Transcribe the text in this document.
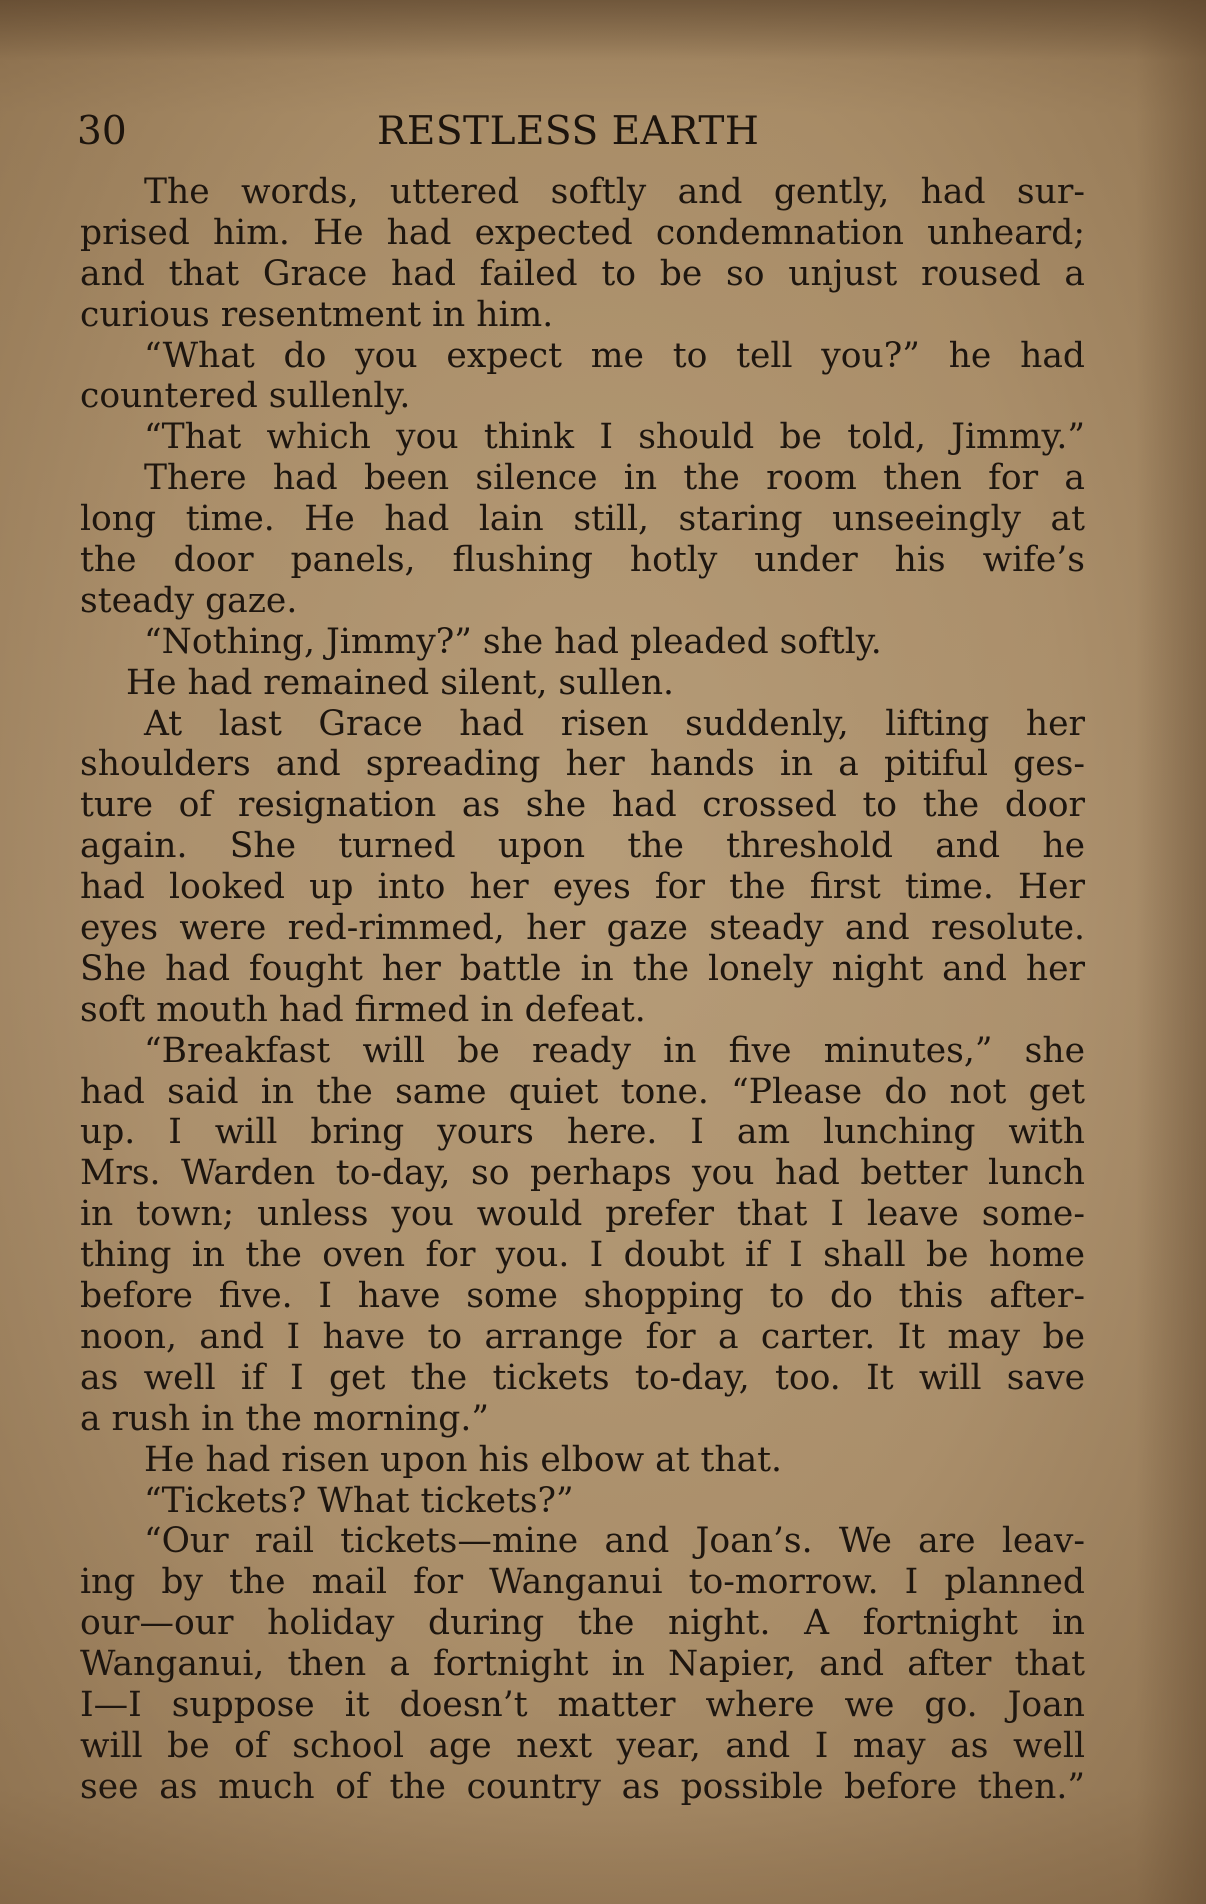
30	RESTLESS EARTH
The words, uttered softly and gently, had sur-
prised him. He had expected condemnation unheard;
and that Grace had failed to be so unjust roused a
curious resentment in him.
“What do you expect me to tell you?” he had
countered sullenly.
“That which you think I should be told, Jimmy.”
There had been silence in the room then for a
long time. He had lain still, staring unseeingly at
the door panels, flushing hotly under his wife’s
steady gaze.
“Nothing, Jimmy?” she had pleaded softly.
He had remained silent, sullen.
At last Grace had risen suddenly, lifting her
shoulders and spreading her hands in a pitiful ges-
ture of resignation as she had crossed to the door
again. She turned upon the threshold and he
had looked up into her eyes for the first time. Her
eyes were red-rimmed, her gaze steady and resolute.
She had fought her battle in the lonely night and her
soft mouth had firmed in defeat.
“Breakfast will be ready in five minutes,” she
had said in the same quiet tone. “Please do not get
up. I will bring yours here. I am lunching with
Mrs. Warden to-day, so perhaps you had better lunch
in town; unless you would prefer that I leave some-
thing in the oven for you. I doubt if I shall be home
before five. I have some shopping to do this after-
noon, and I have to arrange for a carter. It may be
as well if I get the tickets to-day, too. It will save
a rush in the morning.”
He had risen upon his elbow at that.
“Tickets? What tickets?”
“Our rail tickets—mine and Joan’s. We are leav-
ing by the mail for Wanganui to-morrow. I planned
our—our holiday during the night. A fortnight in
Wanganui, then a fortnight in Napier, and after that
I—I suppose it doesn’t matter where we go. Joan
will be of school age next year, and I may as well
see as much of the country as possible before then.”
